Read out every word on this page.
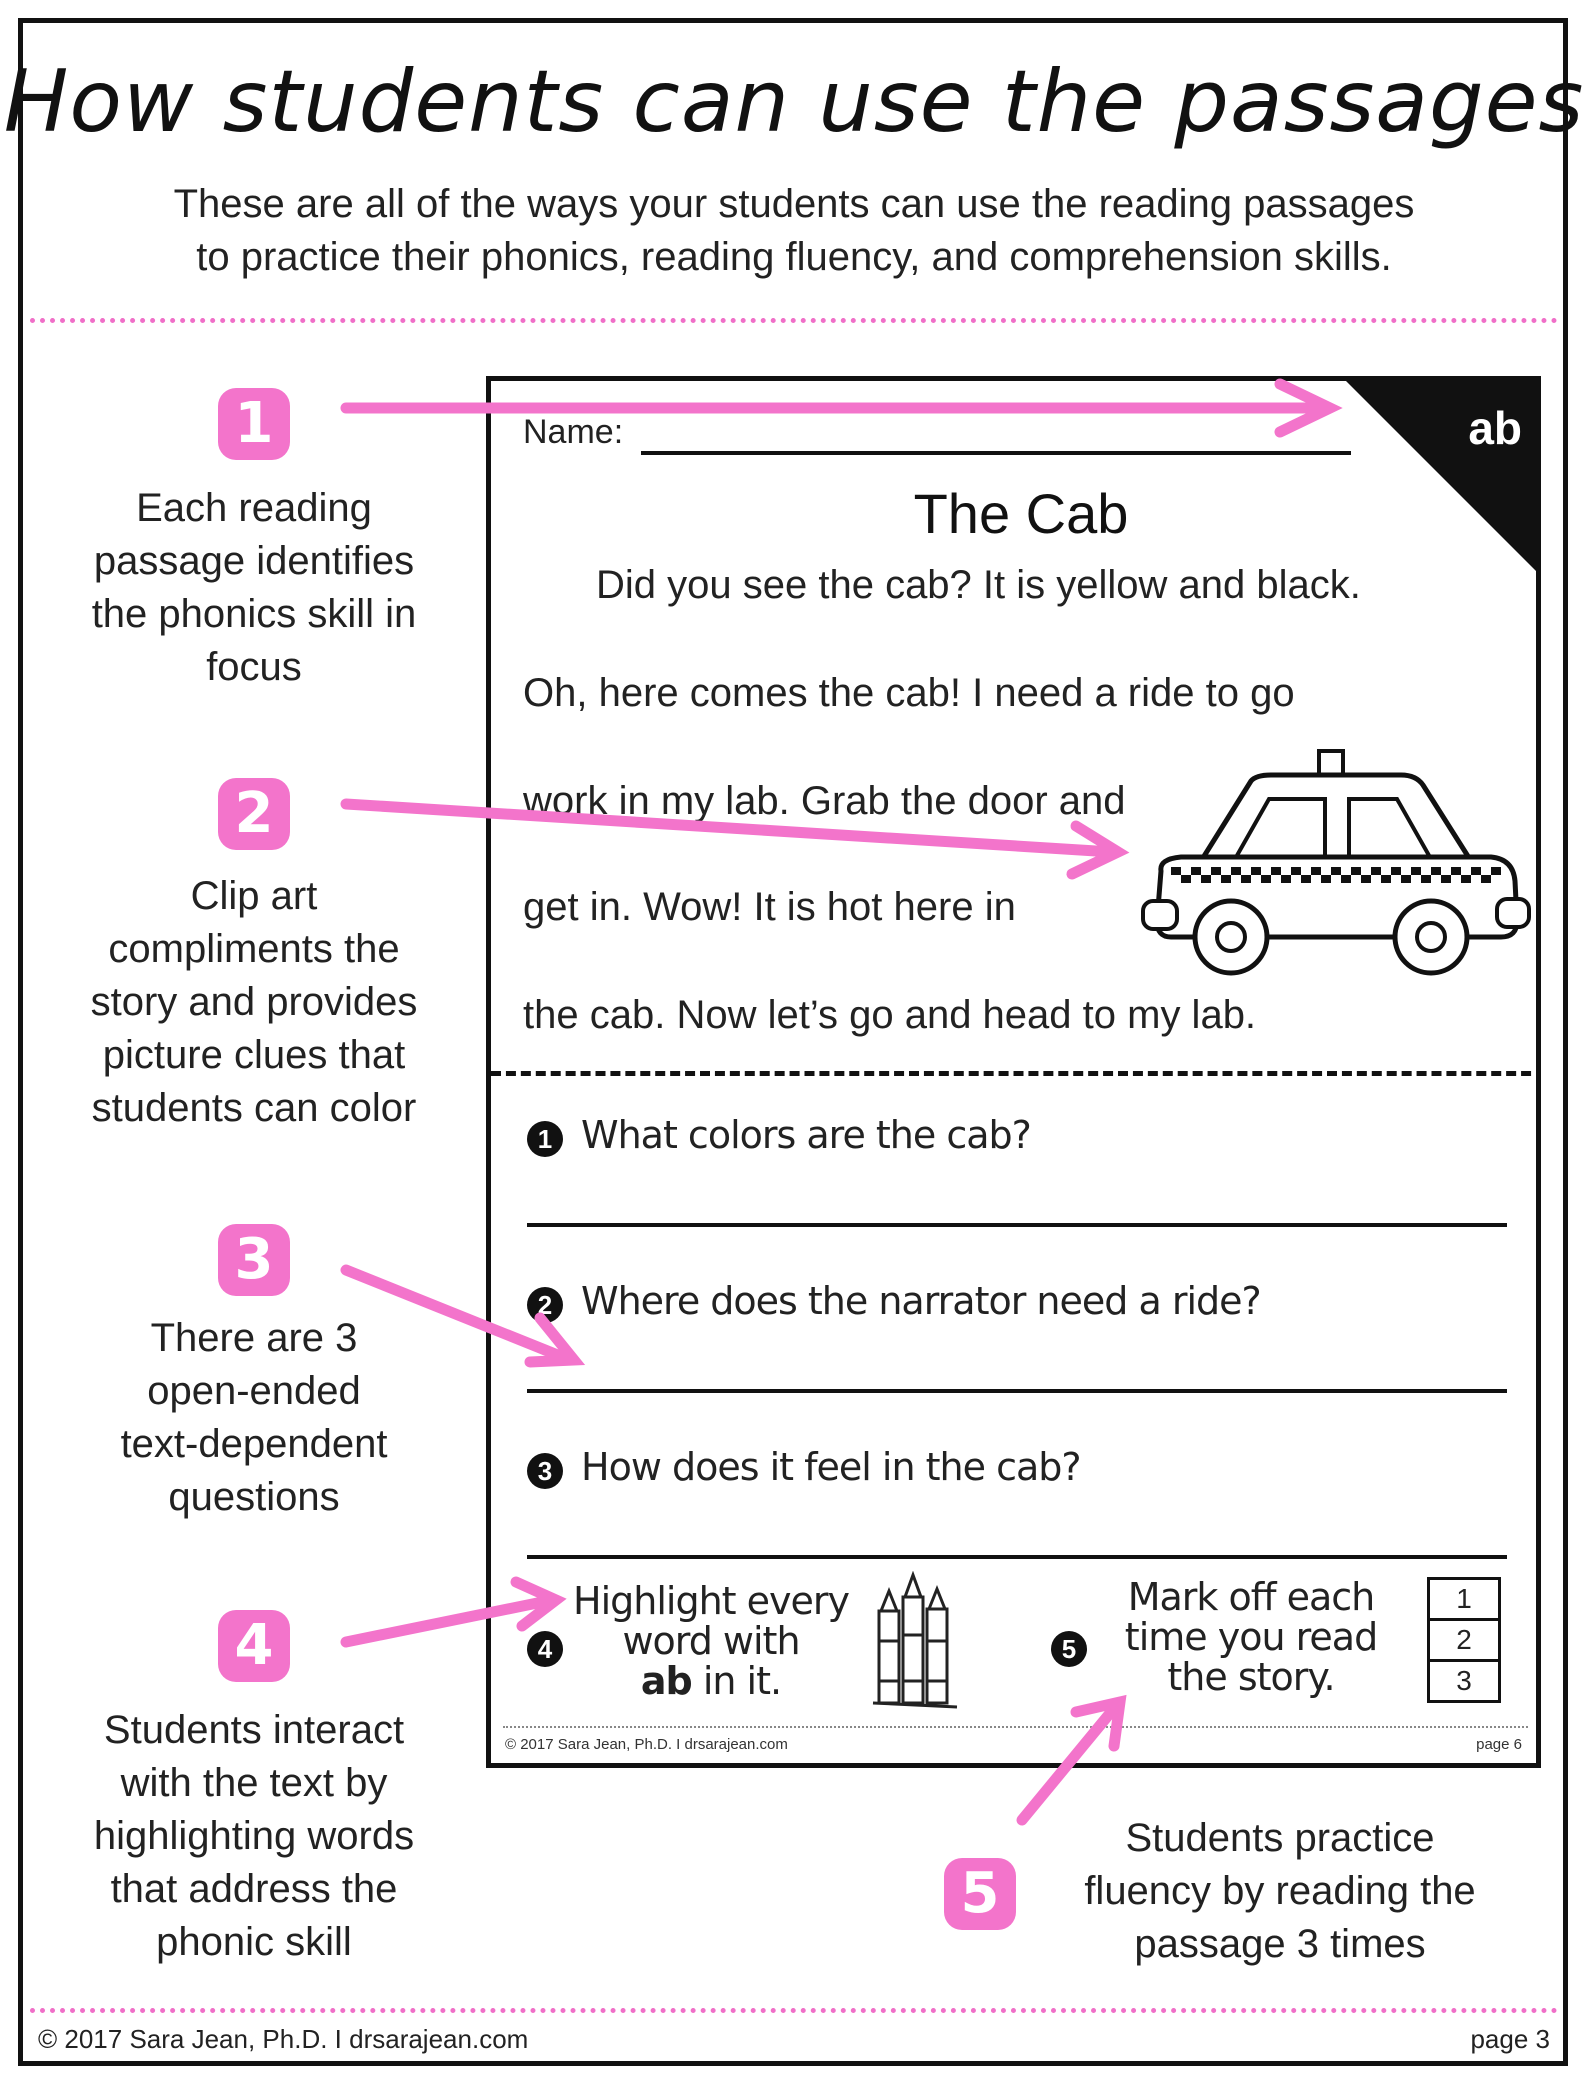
How students can use the passages
These are all of the ways your students can use the reading passages
to practice their phonics, reading fluency, and comprehension skills.
1
Each reading
passage identifies
the phonics skill in
focus
2
Clip art
compliments the
story and provides
picture clues that
students can color
3
There are 3
open-ended
text-dependent
questions
4
Students interact
with the text by
highlighting words
that address the
phonic skill
5
Students practice
fluency by reading the
passage 3 times
ab
Name:
The Cab
Did you see the cab? It is yellow and black.
Oh, here comes the cab! I need a ride to go
work in my lab. Grab the door and
get in. Wow! It is hot here in
the cab. Now let’s go and head to my lab.
1 What colors are the cab?
2 Where does the narrator need a ride?
3 How does it feel in the cab?
4
Highlight every
word with
ab in it.
5
Mark off each
time you read
the story.
1
2
3
© 2017 Sara Jean, Ph.D. I drsarajean.com	page 6
© 2017 Sara Jean, Ph.D. I drsarajean.com	page 3
